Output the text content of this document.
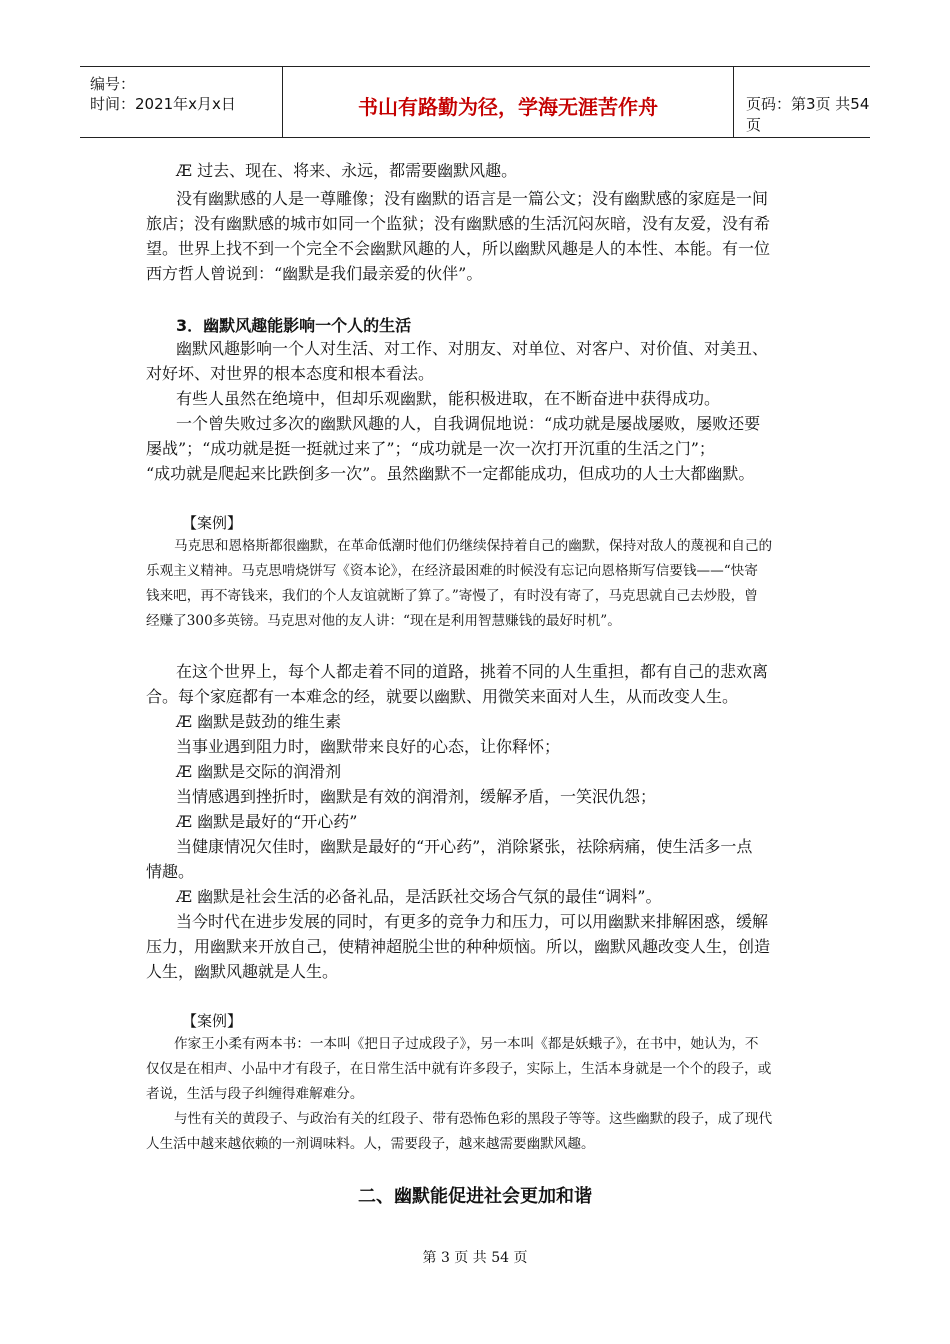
编号：
时间：2021年x月x日	书山有路勤为径，学海无涯苦作舟	页码：第3页 共54页
Æ 过去、现在、将来、永远，都需要幽默风趣。
没有幽默感的人是一尊雕像；没有幽默的语言是一篇公文；没有幽默感的家庭是一间
旅店；没有幽默感的城市如同一个监狱；没有幽默感的生活沉闷灰暗，没有友爱，没有希
望。世界上找不到一个完全不会幽默风趣的人，所以幽默风趣是人的本性、本能。有一位
西方哲人曾说到：“幽默是我们最亲爱的伙伴”。
3．幽默风趣能影响一个人的生活
幽默风趣影响一个人对生活、对工作、对朋友、对单位、对客户、对价值、对美丑、
对好坏、对世界的根本态度和根本看法。
有些人虽然在绝境中，但却乐观幽默，能积极进取，在不断奋进中获得成功。
一个曾失败过多次的幽默风趣的人，自我调侃地说：“成功就是屡战屡败，屡败还要
屡战”；“成功就是挺一挺就过来了”；“成功就是一次一次打开沉重的生活之门”；
“成功就是爬起来比跌倒多一次”。虽然幽默不一定都能成功，但成功的人士大都幽默。
【案例】
马克思和恩格斯都很幽默，在革命低潮时他们仍继续保持着自己的幽默，保持对敌人的蔑视和自己的
乐观主义精神。马克思啃烧饼写《资本论》，在经济最困难的时候没有忘记向恩格斯写信要钱——“快寄
钱来吧，再不寄钱来，我们的个人友谊就断了算了。”寄慢了，有时没有寄了，马克思就自己去炒股，曾
经赚了300多英镑。马克思对他的友人讲：“现在是利用智慧赚钱的最好时机”。
在这个世界上，每个人都走着不同的道路，挑着不同的人生重担，都有自己的悲欢离
合。每个家庭都有一本难念的经，就要以幽默、用微笑来面对人生，从而改变人生。
Æ 幽默是鼓劲的维生素
当事业遇到阻力时，幽默带来良好的心态，让你释怀；
Æ 幽默是交际的润滑剂
当情感遇到挫折时，幽默是有效的润滑剂，缓解矛盾，一笑泯仇怨；
Æ 幽默是最好的“开心药”
当健康情况欠佳时，幽默是最好的“开心药”，消除紧张，祛除病痛，使生活多一点
情趣。
Æ 幽默是社会生活的必备礼品，是活跃社交场合气氛的最佳“调料”。
当今时代在进步发展的同时，有更多的竞争力和压力，可以用幽默来排解困惑，缓解
压力，用幽默来开放自己，使精神超脱尘世的种种烦恼。所以，幽默风趣改变人生，创造
人生，幽默风趣就是人生。
【案例】
作家王小柔有两本书：一本叫《把日子过成段子》，另一本叫《都是妖蛾子》，在书中，她认为，不
仅仅是在相声、小品中才有段子，在日常生活中就有许多段子，实际上，生活本身就是一个个的段子，或
者说，生活与段子纠缠得难解难分。
与性有关的黄段子、与政治有关的红段子、带有恐怖色彩的黑段子等等。这些幽默的段子，成了现代
人生活中越来越依赖的一剂调味料。人，需要段子，越来越需要幽默风趣。
二、幽默能促进社会更加和谐
第 3 页 共 54 页
